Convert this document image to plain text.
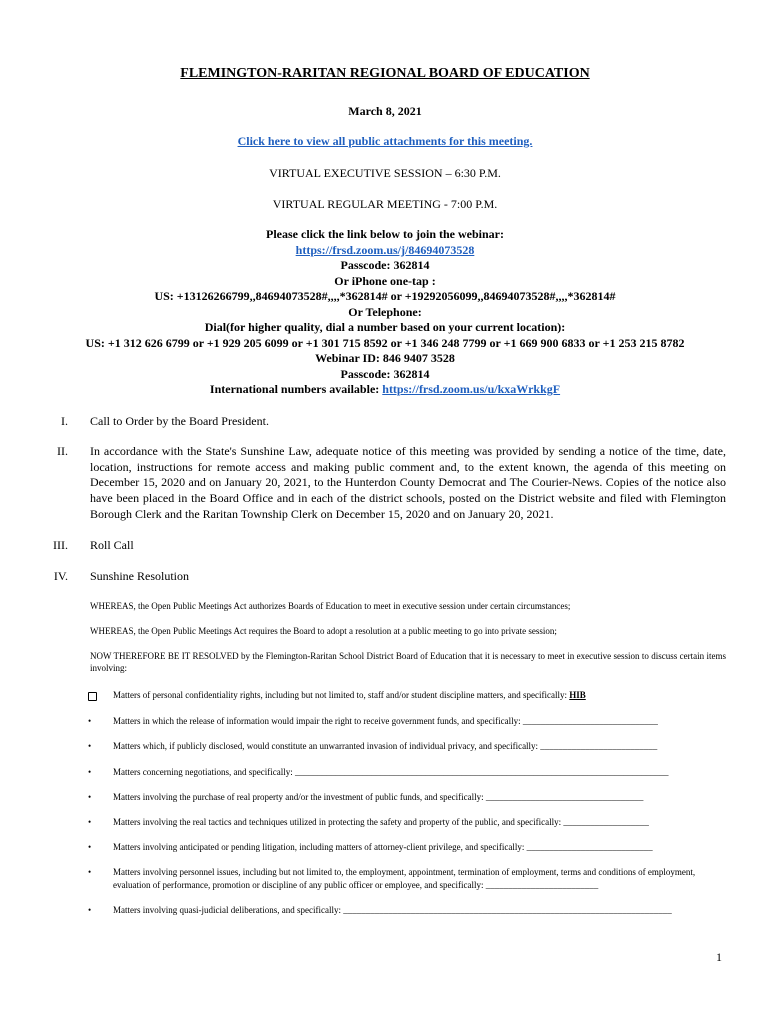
FLEMINGTON-RARITAN REGIONAL BOARD OF EDUCATION
March 8, 2021
Click here to view all public attachments for this meeting.
VIRTUAL EXECUTIVE SESSION – 6:30 P.M.
VIRTUAL REGULAR MEETING - 7:00 P.M.
Please click the link below to join the webinar:
https://frsd.zoom.us/j/84694073528
Passcode: 362814
Or iPhone one-tap :
US: +13126266799,,84694073528#,,,,*362814# or +19292056099,,84694073528#,,,,*362814#
Or Telephone:
Dial(for higher quality, dial a number based on your current location):
US: +1 312 626 6799 or +1 929 205 6099 or +1 301 715 8592 or +1 346 248 7799 or +1 669 900 6833 or +1 253 215 8782
Webinar ID: 846 9407 3528
Passcode: 362814
International numbers available: https://frsd.zoom.us/u/kxaWrkkgF
I. Call to Order by the Board President.
II. In accordance with the State's Sunshine Law, adequate notice of this meeting was provided by sending a notice of the time, date, location, instructions for remote access and making public comment and, to the extent known, the agenda of this meeting on December 15, 2020 and on January 20, 2021, to the Hunterdon County Democrat and The Courier-News. Copies of the notice also have been placed in the Board Office and in each of the district schools, posted on the District website and filed with Flemington Borough Clerk and the Raritan Township Clerk on December 15, 2020 and on January 20, 2021.
III. Roll Call
IV. Sunshine Resolution
WHEREAS, the Open Public Meetings Act authorizes Boards of Education to meet in executive session under certain circumstances;
WHEREAS, the Open Public Meetings Act requires the Board to adopt a resolution at a public meeting to go into private session;
NOW THEREFORE BE IT RESOLVED by the Flemington-Raritan School District Board of Education that it is necessary to meet in executive session to discuss certain items involving:
Matters of personal confidentiality rights, including but not limited to, staff and/or student discipline matters, and specifically: HIB
•	Matters in which the release of information would impair the right to receive government funds, and specifically: ______________________________
•	Matters which, if publicly disclosed, would constitute an unwarranted invasion of individual privacy, and specifically: __________________________
•	Matters concerning negotiations, and specifically: ___________________________________________________________________________________
•	Matters involving the purchase of real property and/or the investment of public funds, and specifically: ___________________________________
•	Matters involving the real tactics and techniques utilized in protecting the safety and property of the public, and specifically: ___________________
•	Matters involving anticipated or pending litigation, including matters of attorney-client privilege, and specifically: ____________________________
•	Matters involving personnel issues, including but not limited to, the employment, appointment, termination of employment, terms and conditions of employment, evaluation of performance, promotion or discipline of any public officer or employee, and specifically: _________________________
•	Matters involving quasi-judicial deliberations, and specifically: _________________________________________________________________________
1
